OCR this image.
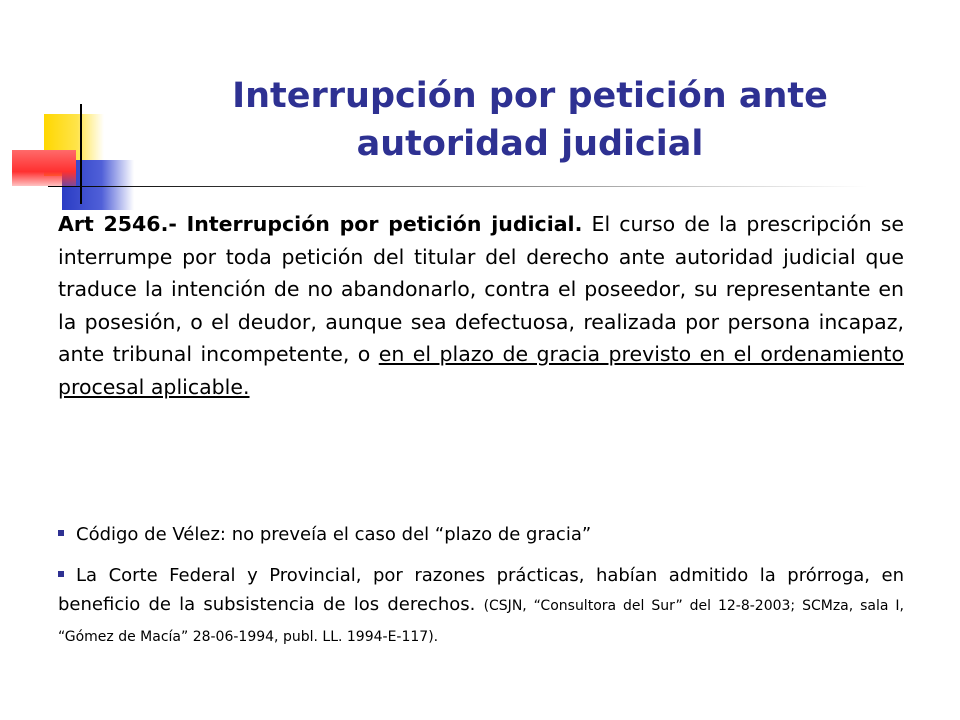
Interrupción por petición ante
autoridad judicial

Art 2546.- Interrupción por petición judicial. El curso de la prescripción se interrumpe por toda petición del titular del derecho ante autoridad judicial que traduce la intención de no abandonarlo, contra el poseedor, su representante en la posesión, o el deudor, aunque sea defectuosa, realizada por persona incapaz, ante tribunal incompetente, o en el plazo de gracia previsto en el ordenamiento procesal aplicable.

Código de Vélez: no preveía el caso del “plazo de gracia”
La Corte Federal y Provincial, por razones prácticas, habían admitido la prórroga, en beneficio de la subsistencia de los derechos. (CSJN, “Consultora del Sur” del 12-8-2003; SCMza, sala I, “Gómez de Macía” 28-06-1994, publ. LL. 1994-E-117).
